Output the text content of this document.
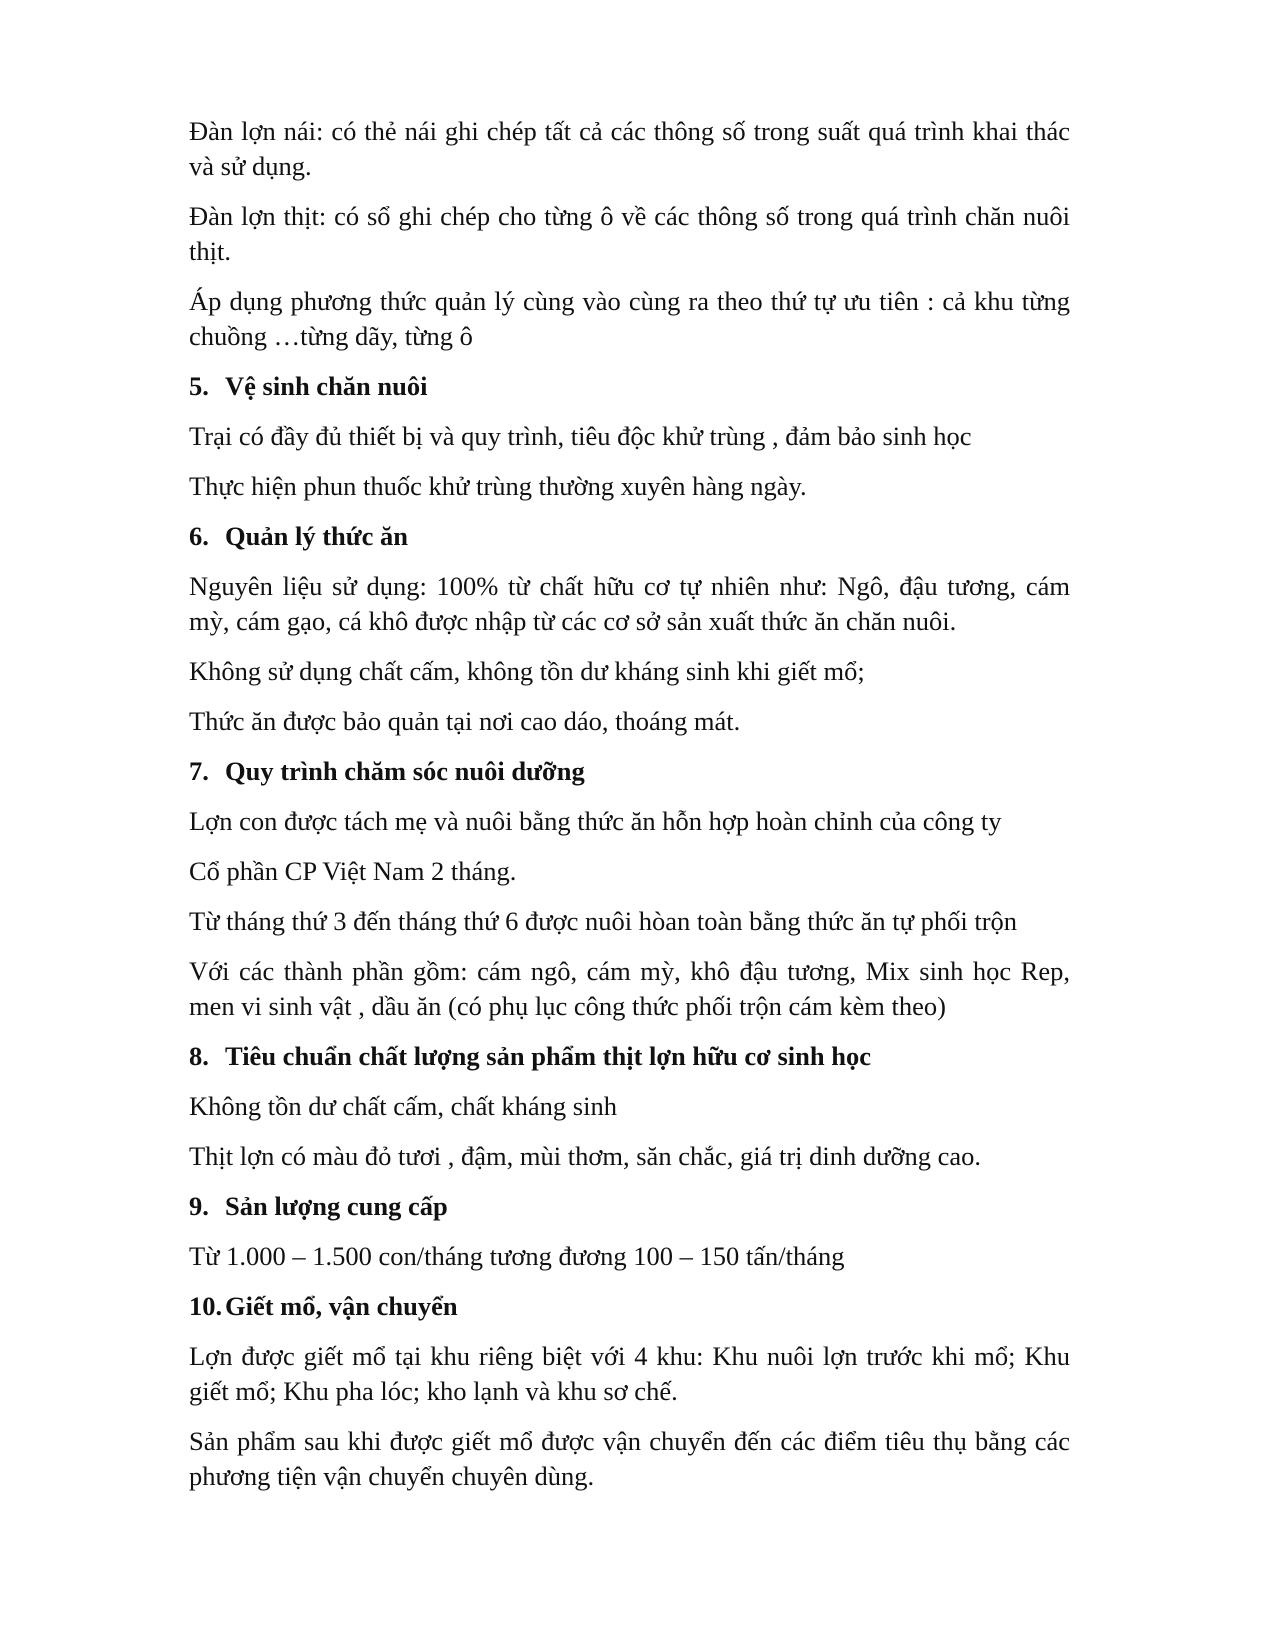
Đàn lợn nái: có thẻ nái ghi chép tất cả các thông số trong suất quá trình khai thác và sử dụng.

Đàn lợn thịt: có sổ ghi chép cho từng ô về các thông số trong quá trình chăn nuôi thịt.

Áp dụng phương thức quản lý cùng vào cùng ra theo thứ tự ưu tiên : cả khu từng chuồng …từng dãy, từng ô

5. Vệ sinh chăn nuôi

Trại có đầy đủ thiết bị và quy trình, tiêu độc khử trùng , đảm bảo sinh học

Thực hiện phun thuốc khử trùng thường xuyên hàng ngày.

6. Quản lý thức ăn

Nguyên liệu sử dụng: 100% từ chất hữu cơ tự nhiên như: Ngô, đậu tương, cám mỳ, cám gạo, cá khô được nhập từ các cơ sở sản xuất thức ăn chăn nuôi.

Không sử dụng chất cấm, không tồn dư kháng sinh khi giết mổ;

Thức ăn được bảo quản tại nơi cao dáo, thoáng mát.

7. Quy trình chăm sóc nuôi dưỡng

Lợn con được tách mẹ và nuôi bằng thức ăn hỗn hợp hoàn chỉnh của công ty

Cổ phần CP Việt Nam 2 tháng.

Từ tháng thứ 3 đến tháng thứ 6 được nuôi hòan toàn bằng thức ăn tự phối trộn

Với các thành phần gồm: cám ngô, cám mỳ, khô đậu tương, Mix sinh học Rep, men vi sinh vật , dầu ăn (có phụ lục công thức phối trộn cám kèm theo)

8. Tiêu chuẩn chất lượng sản phẩm thịt lợn hữu cơ sinh học

Không tồn dư chất cấm, chất kháng sinh

Thịt lợn có màu đỏ tươi , đậm, mùi thơm, săn chắc, giá trị dinh dưỡng cao.

9. Sản lượng cung cấp

Từ 1.000 – 1.500 con/tháng tương đương 100 – 150 tấn/tháng

10. Giết mổ, vận chuyển

Lợn được giết mổ tại khu riêng biệt với 4 khu: Khu nuôi lợn trước khi mổ; Khu giết mổ; Khu pha lóc; kho lạnh và khu sơ chế.

Sản phẩm sau khi được giết mổ được vận chuyển đến các điểm tiêu thụ bằng các phương tiện vận chuyển chuyên dùng.
